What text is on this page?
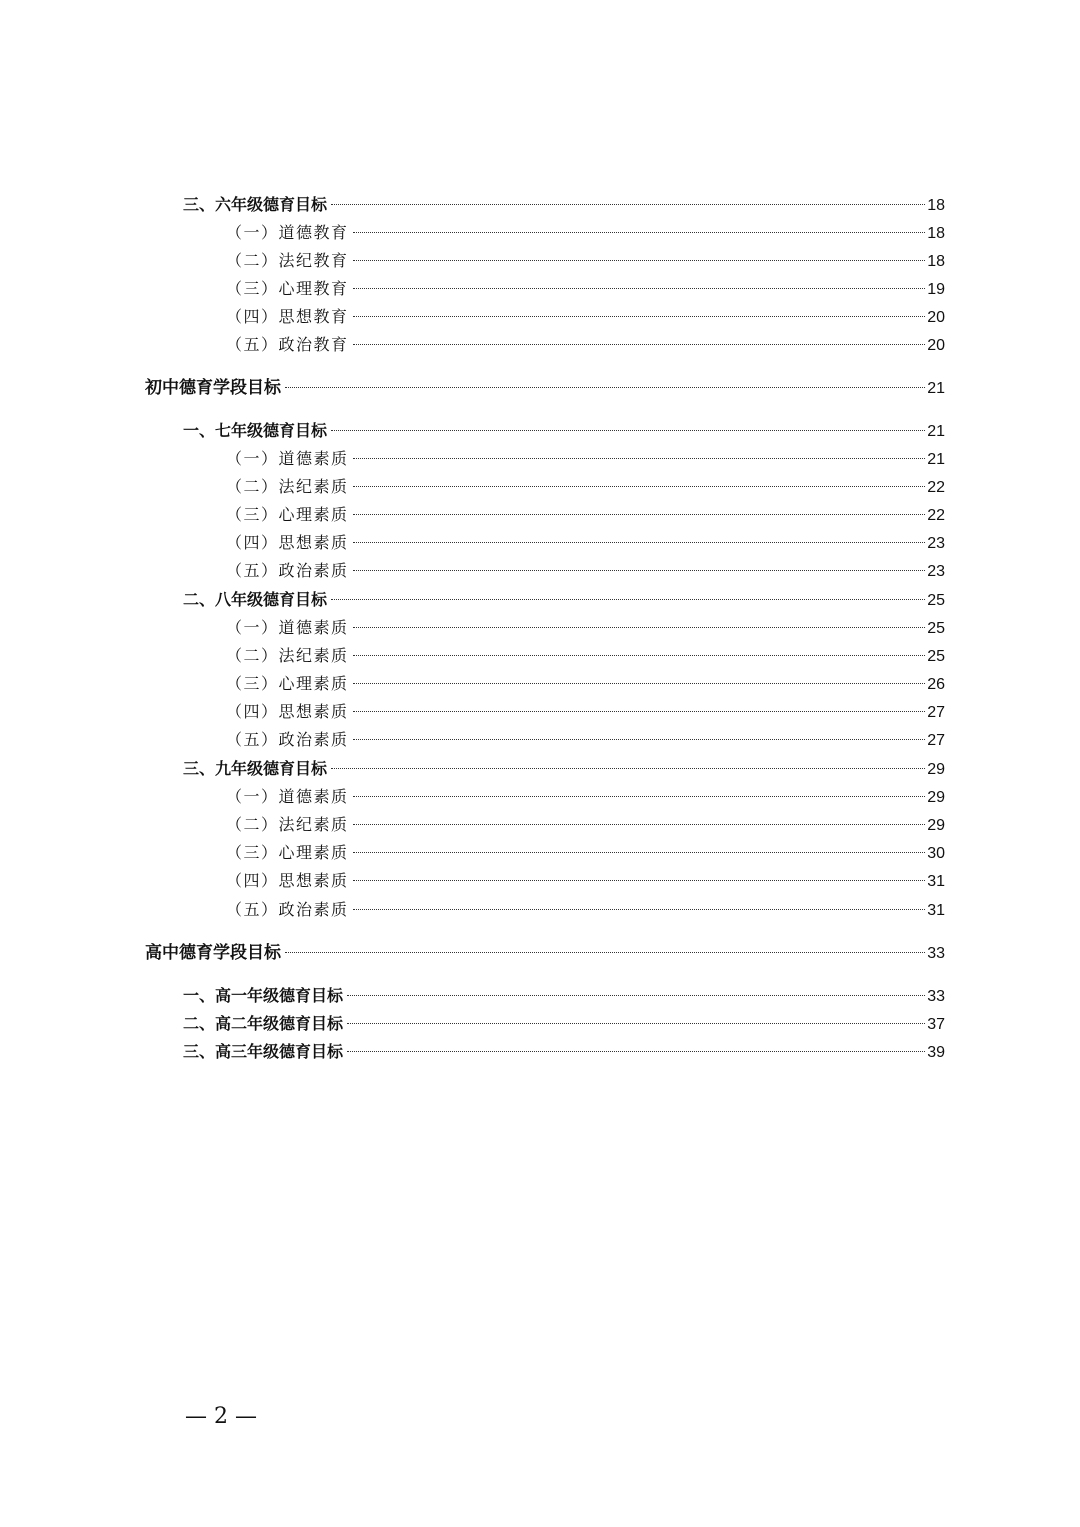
三、六年级德育目标	18
（一）道德教育	18
（二）法纪教育	18
（三）心理教育	19
（四）思想教育	20
（五）政治教育	20
初中德育学段目标	21
一、七年级德育目标	21
（一）道德素质	21
（二）法纪素质	22
（三）心理素质	22
（四）思想素质	23
（五）政治素质	23
二、八年级德育目标	25
（一）道德素质	25
（二）法纪素质	25
（三）心理素质	26
（四）思想素质	27
（五）政治素质	27
三、九年级德育目标	29
（一）道德素质	29
（二）法纪素质	29
（三）心理素质	30
（四）思想素质	31
（五）政治素质	31
高中德育学段目标	33
一、高一年级德育目标	33
二、高二年级德育目标	37
三、高三年级德育目标	39
— 2 —
